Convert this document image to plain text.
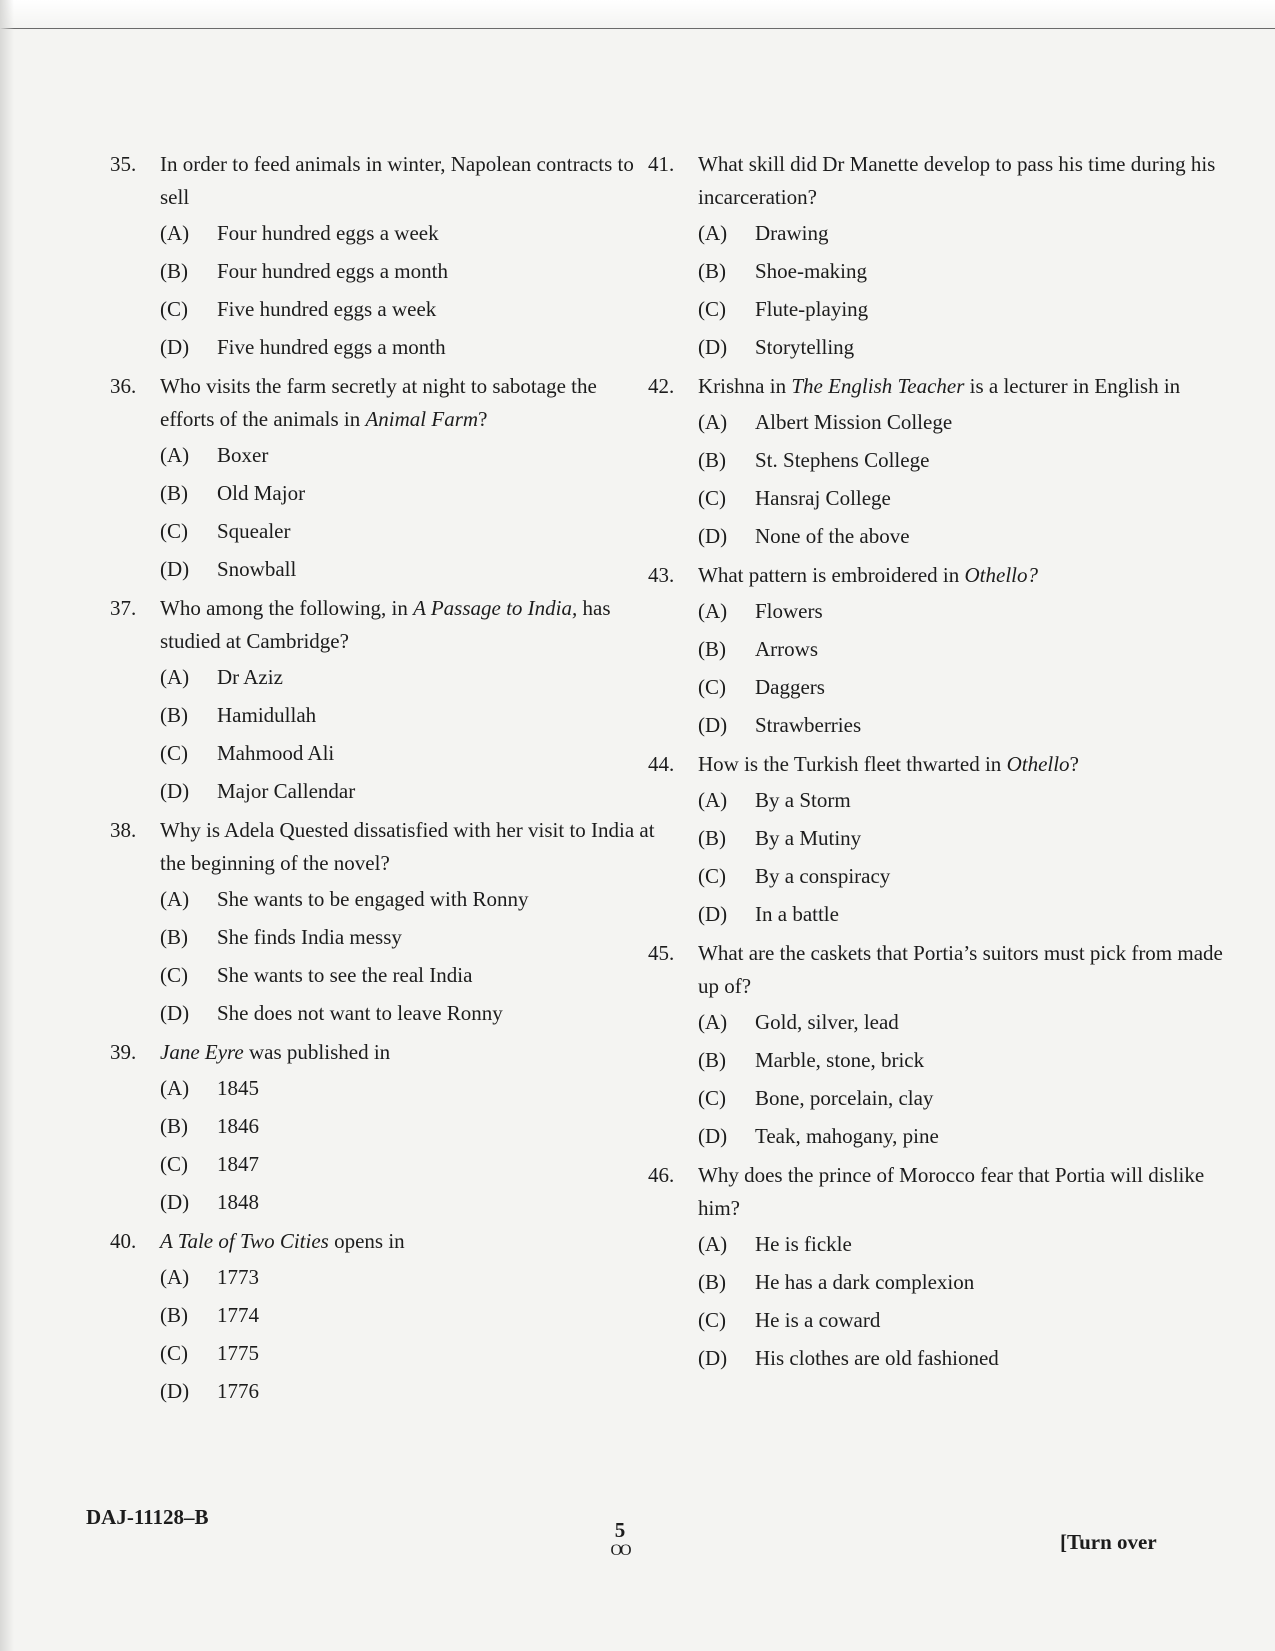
35.	In order to feed animals in winter, Napolean contracts to sell
(A)	Four hundred eggs a week
(B)	Four hundred eggs a month
(C)	Five hundred eggs a week
(D)	Five hundred eggs a month
36.	Who visits the farm secretly at night to sabotage the efforts of the animals in Animal Farm?
(A)	Boxer
(B)	Old Major
(C)	Squealer
(D)	Snowball
37.	Who among the following, in A Passage to India, has studied at Cambridge?
(A)	Dr Aziz
(B)	Hamidullah
(C)	Mahmood Ali
(D)	Major Callendar
38.	Why is Adela Quested dissatisfied with her visit to India at the beginning of the novel?
(A)	She wants to be engaged with Ronny
(B)	She finds India messy
(C)	She wants to see the real India
(D)	She does not want to leave Ronny
39.	Jane Eyre was published in
(A)	1845
(B)	1846
(C)	1847
(D)	1848
40.	A Tale of Two Cities opens in
(A)	1773
(B)	1774
(C)	1775
(D)	1776
41.	What skill did Dr Manette develop to pass his time during his incarceration?
(A)	Drawing
(B)	Shoe-making
(C)	Flute-playing
(D)	Storytelling
42.	Krishna in The English Teacher is a lecturer in English in
(A)	Albert Mission College
(B)	St. Stephens College
(C)	Hansraj College
(D)	None of the above
43.	What pattern is embroidered in Othello?
(A)	Flowers
(B)	Arrows
(C)	Daggers
(D)	Strawberries
44.	How is the Turkish fleet thwarted in Othello?
(A)	By a Storm
(B)	By a Mutiny
(C)	By a conspiracy
(D)	In a battle
45.	What are the caskets that Portia’s suitors must pick from made up of?
(A)	Gold, silver, lead
(B)	Marble, stone, brick
(C)	Bone, porcelain, clay
(D)	Teak, mahogany, pine
46.	Why does the prince of Morocco fear that Portia will dislike him?
(A)	He is fickle
(B)	He has a dark complexion
(C)	He is a coward
(D)	His clothes are old fashioned
DAJ-11128–B
5
OO	[Turn over
